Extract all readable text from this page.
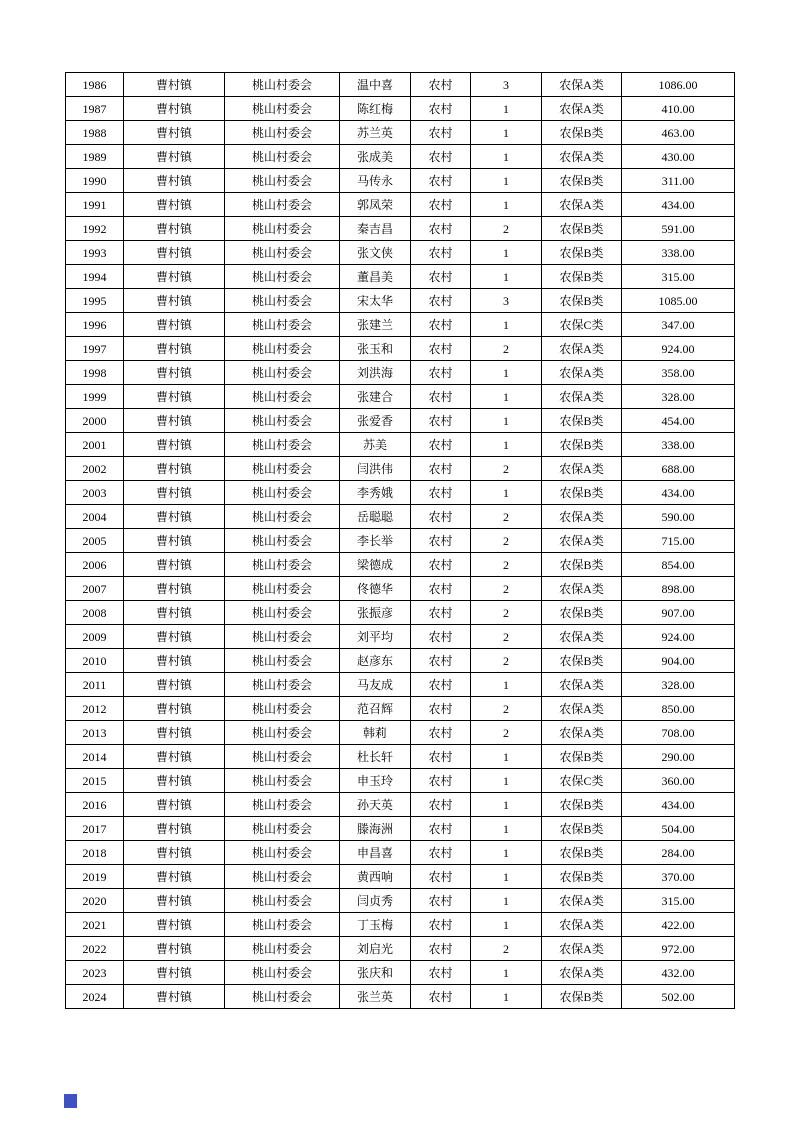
1986	曹村镇	桃山村委会	温中喜	农村	3	农保A类	1086.00
1987	曹村镇	桃山村委会	陈红梅	农村	1	农保A类	410.00
1988	曹村镇	桃山村委会	苏兰英	农村	1	农保B类	463.00
1989	曹村镇	桃山村委会	张成美	农村	1	农保A类	430.00
1990	曹村镇	桃山村委会	马传永	农村	1	农保B类	311.00
1991	曹村镇	桃山村委会	郭凤荣	农村	1	农保A类	434.00
1992	曹村镇	桃山村委会	秦吉昌	农村	2	农保B类	591.00
1993	曹村镇	桃山村委会	张文侠	农村	1	农保B类	338.00
1994	曹村镇	桃山村委会	董昌美	农村	1	农保B类	315.00
1995	曹村镇	桃山村委会	宋太华	农村	3	农保B类	1085.00
1996	曹村镇	桃山村委会	张建兰	农村	1	农保C类	347.00
1997	曹村镇	桃山村委会	张玉和	农村	2	农保A类	924.00
1998	曹村镇	桃山村委会	刘洪海	农村	1	农保A类	358.00
1999	曹村镇	桃山村委会	张建合	农村	1	农保A类	328.00
2000	曹村镇	桃山村委会	张爱香	农村	1	农保B类	454.00
2001	曹村镇	桃山村委会	苏美	农村	1	农保B类	338.00
2002	曹村镇	桃山村委会	闫洪伟	农村	2	农保A类	688.00
2003	曹村镇	桃山村委会	李秀娥	农村	1	农保B类	434.00
2004	曹村镇	桃山村委会	岳聪聪	农村	2	农保A类	590.00
2005	曹村镇	桃山村委会	李长举	农村	2	农保A类	715.00
2006	曹村镇	桃山村委会	梁德成	农村	2	农保B类	854.00
2007	曹村镇	桃山村委会	佟德华	农村	2	农保A类	898.00
2008	曹村镇	桃山村委会	张振彦	农村	2	农保B类	907.00
2009	曹村镇	桃山村委会	刘平均	农村	2	农保A类	924.00
2010	曹村镇	桃山村委会	赵彦东	农村	2	农保B类	904.00
2011	曹村镇	桃山村委会	马友成	农村	1	农保A类	328.00
2012	曹村镇	桃山村委会	范召辉	农村	2	农保A类	850.00
2013	曹村镇	桃山村委会	韩莉	农村	2	农保A类	708.00
2014	曹村镇	桃山村委会	杜长轩	农村	1	农保B类	290.00
2015	曹村镇	桃山村委会	申玉玲	农村	1	农保C类	360.00
2016	曹村镇	桃山村委会	孙天英	农村	1	农保B类	434.00
2017	曹村镇	桃山村委会	滕海洲	农村	1	农保B类	504.00
2018	曹村镇	桃山村委会	申昌喜	农村	1	农保B类	284.00
2019	曹村镇	桃山村委会	黄西响	农村	1	农保B类	370.00
2020	曹村镇	桃山村委会	闫贞秀	农村	1	农保A类	315.00
2021	曹村镇	桃山村委会	丁玉梅	农村	1	农保A类	422.00
2022	曹村镇	桃山村委会	刘启光	农村	2	农保A类	972.00
2023	曹村镇	桃山村委会	张庆和	农村	1	农保A类	432.00
2024	曹村镇	桃山村委会	张兰英	农村	1	农保B类	502.00
